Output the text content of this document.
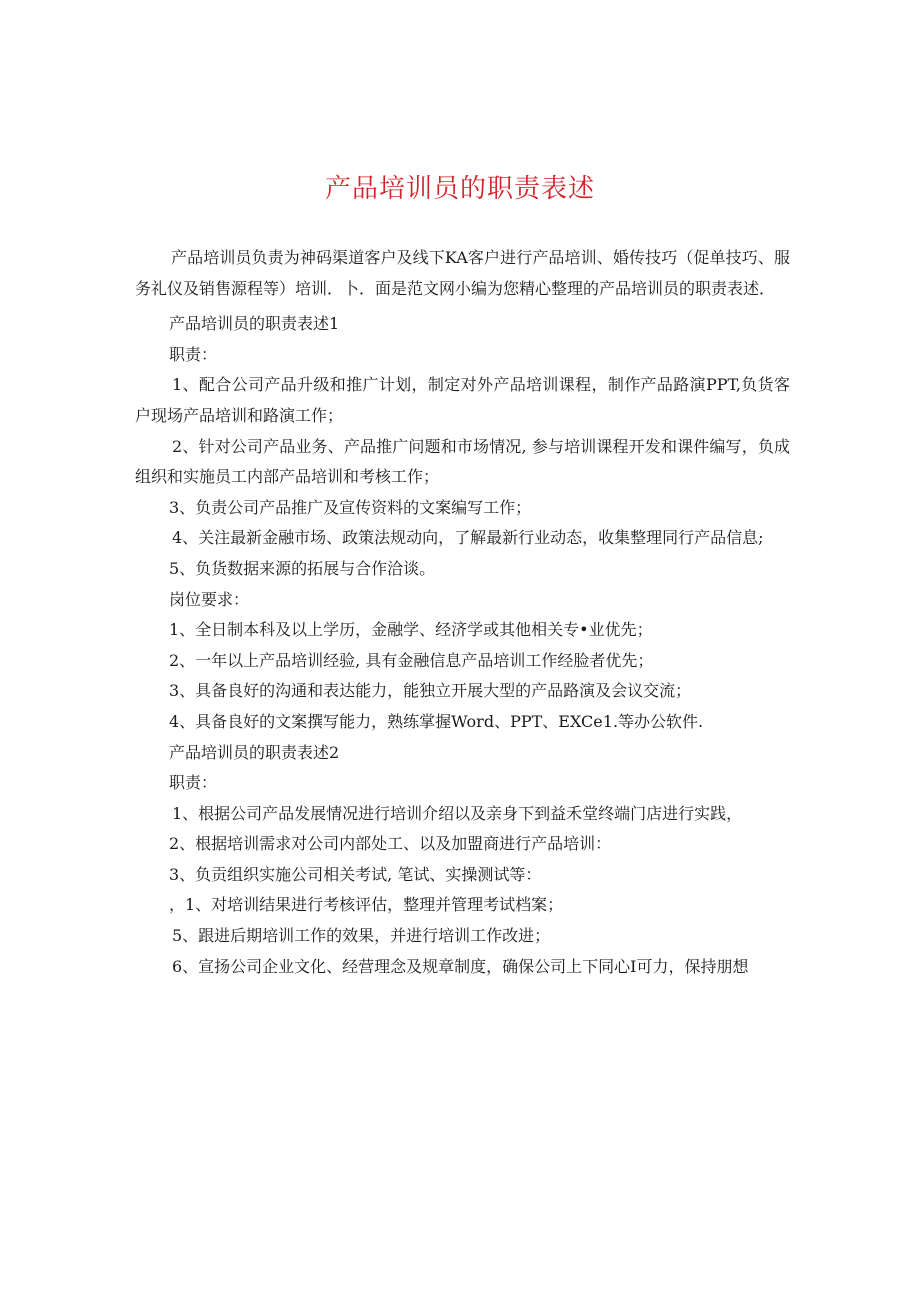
产品培训员的职责表述

产品培训员负责为神码渠道客户及线下KA客户进行产品培训、婚传技巧（促单技巧、服务礼仪及销售源程等）培训．卜．面是范文网小编为您精心整理的产品培训员的职责表述．

产品培训员的职责表述1

职责：

1、配合公司产品升级和推广计划，制定对外产品培训课程，制作产品路演PPT,负货客户现场产品培训和路演工作；

2、针对公司产品业务、产品推广问题和市场情况, 参与培训课程开发和课件编写，负成组织和实施员工内部产品培训和考核工作；

3、负责公司产品推广及宣传资料的文案编写工作；

4、关注最新金融市场、政策法规动向，了解最新行业动态，收集整理同行产品信息;

5、负货数据来源的拓展与合作洽谈。

岗位要求：

1、全日制本科及以上学历，金融学、经济学或其他相关专•业优先；

2、一年以上产品培训经验, 具有金融信息产品培训工作经脸者优先；

3、具备良好的沟通和表达能力，能独立开展大型的产品路演及会议交流；

4、具备良好的文案撰写能力，熟练掌握Word、PPT、EXCe1.等办公软件.

产品培训员的职责表述2

职责：

1、根据公司产品发展情况进行培训介绍以及亲身下到益禾堂终端门店进行实践，

2、根据培训需求对公司内部处工、以及加盟商进行产品培训：

3、负贡组织实施公司相关考试, 笔试、实操测试等：

，1、对培训结果进行考核评估，整理并管理考试档案；

5、跟进后期培训工作的效果，并进行培训工作改进；

6、宣扬公司企业文化、经营理念及规章制度，确保公司上下同心I可力，保持朋想
